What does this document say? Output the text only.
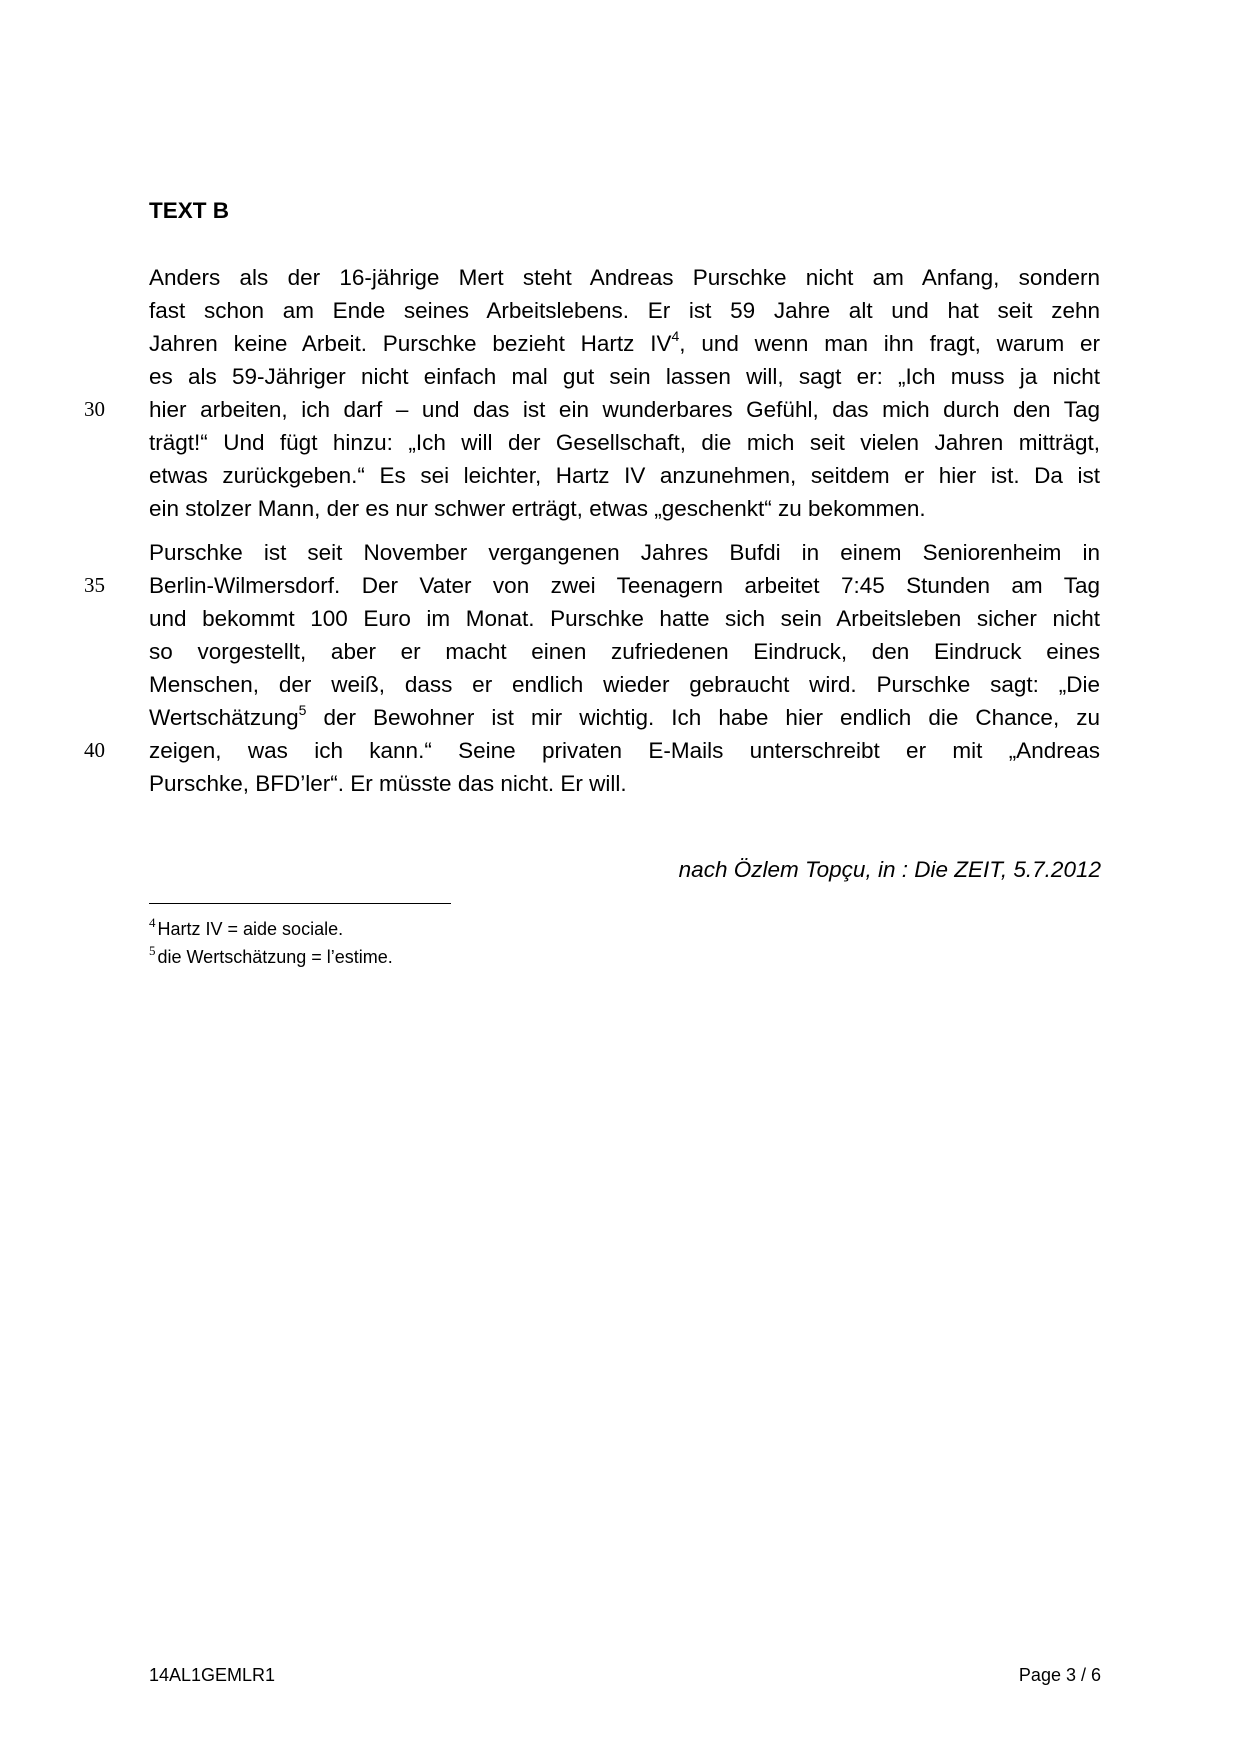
TEXT B
Anders als der 16-jährige Mert steht Andreas Purschke nicht am Anfang, sondern
fast schon am Ende seines Arbeitslebens. Er ist 59 Jahre alt und hat seit zehn
Jahren keine Arbeit. Purschke bezieht Hartz $IV^4$, und wenn man ihn fragt, warum er
es als 59-Jähriger nicht einfach mal gut sein lassen will, sagt er: „Ich muss ja nicht
30 hier arbeiten, ich darf – und das ist ein wunderbares Gefühl, das mich durch den Tag
trägt!“ Und fügt hinzu: „Ich will der Gesellschaft, die mich seit vielen Jahren mitträgt,
etwas zurückgeben.“ Es sei leichter, Hartz IV anzunehmen, seitdem er hier ist. Da ist
ein stolzer Mann, der es nur schwer erträgt, etwas „geschenkt“ zu bekommen.
Purschke ist seit November vergangenen Jahres Bufdi in einem Seniorenheim in
35 Berlin-Wilmersdorf. Der Vater von zwei Teenagern arbeitet 7:45 Stunden am Tag
und bekommt 100 Euro im Monat. Purschke hatte sich sein Arbeitsleben sicher nicht
so vorgestellt, aber er macht einen zufriedenen Eindruck, den Eindruck eines
Menschen, der weiß, dass er endlich wieder gebraucht wird. Purschke sagt: „Die
Wertschätzung$^5$ der Bewohner ist mir wichtig. Ich habe hier endlich die Chance, zu
40 zeigen, was ich kann.“ Seine privaten E-Mails unterschreibt er mit „Andreas
Purschke, BFD’ler“. Er müsste das nicht. Er will.
nach Özlem Topçu, in : Die ZEIT, 5.7.2012
$^4$ Hartz IV = aide sociale.
$^5$ die Wertschätzung = l’estime.
14AL1GEMLR1	Page 3 / 6
